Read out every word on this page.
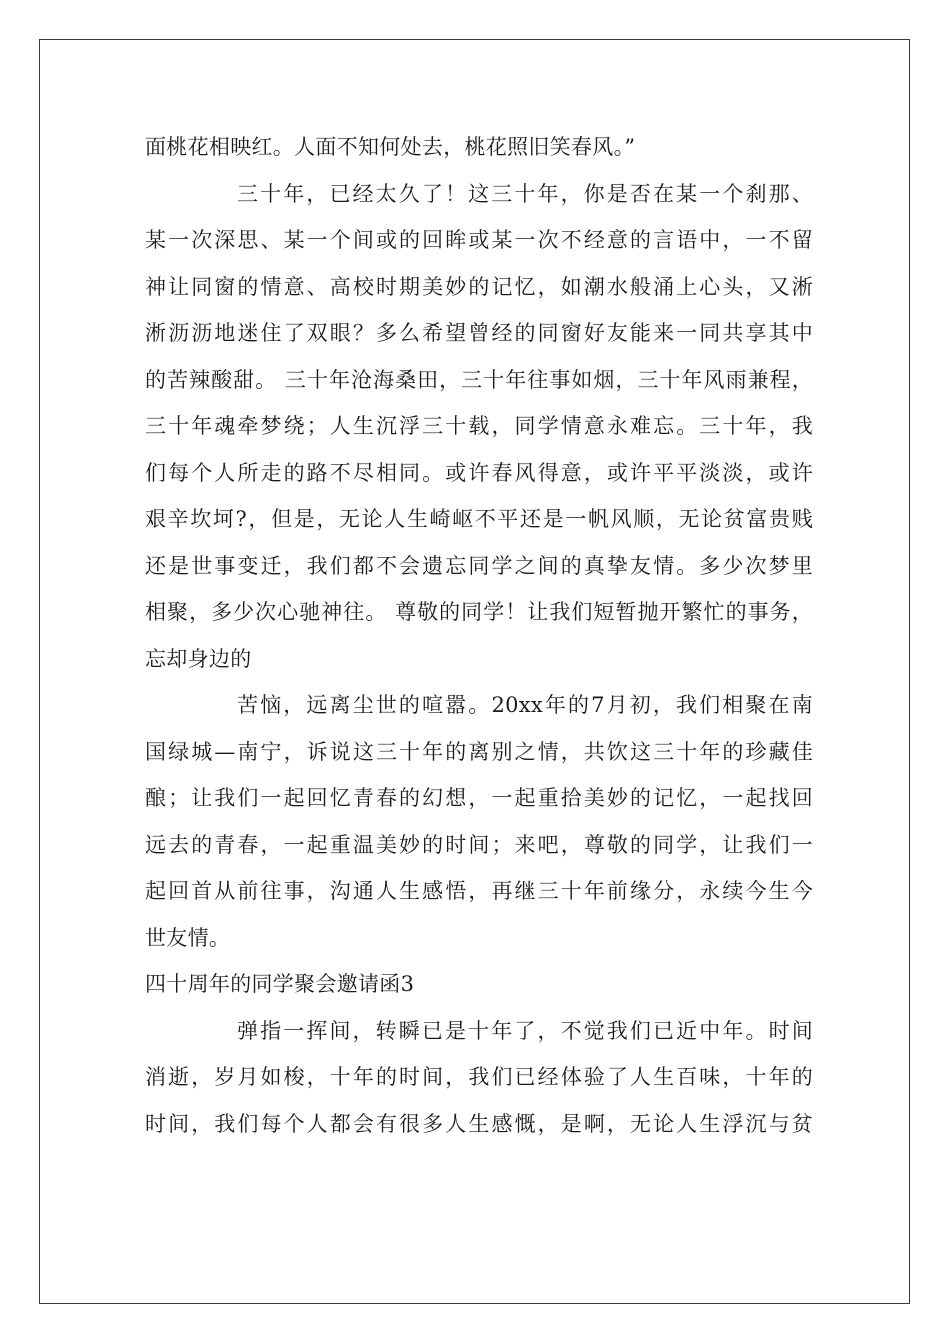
面桃花相映红。人面不知何处去，桃花照旧笑春风。”
三十年，已经太久了！这三十年，你是否在某一个刹那、
某一次深思、某一个间或的回眸或某一次不经意的言语中，一不留
神让同窗的情意、高校时期美妙的记忆，如潮水般涌上心头，又淅
淅沥沥地迷住了双眼？多么希望曾经的同窗好友能来一同共享其中
的苦辣酸甜。 三十年沧海桑田，三十年往事如烟，三十年风雨兼程，
三十年魂牵梦绕；人生沉浮三十载，同学情意永难忘。三十年，我
们每个人所走的路不尽相同。或许春风得意，或许平平淡淡，或许
艰辛坎坷?，但是，无论人生崎岖不平还是一帆风顺，无论贫富贵贱
还是世事变迁，我们都不会遗忘同学之间的真挚友情。多少次梦里
相聚，多少次心驰神往。 尊敬的同学！让我们短暂抛开繁忙的事务，
忘却身边的
苦恼，远离尘世的喧嚣。20xx年的7月初，我们相聚在南
国绿城—南宁，诉说这三十年的离别之情，共饮这三十年的珍藏佳
酿；让我们一起回忆青春的幻想，一起重拾美妙的记忆，一起找回
远去的青春，一起重温美妙的时间；来吧，尊敬的同学，让我们一
起回首从前往事，沟通人生感悟，再继三十年前缘分，永续今生今
世友情。
四十周年的同学聚会邀请函3
弹指一挥间，转瞬已是十年了，不觉我们已近中年。时间
消逝，岁月如梭，十年的时间，我们已经体验了人生百味，十年的
时间，我们每个人都会有很多人生感慨，是啊，无论人生浮沉与贫
